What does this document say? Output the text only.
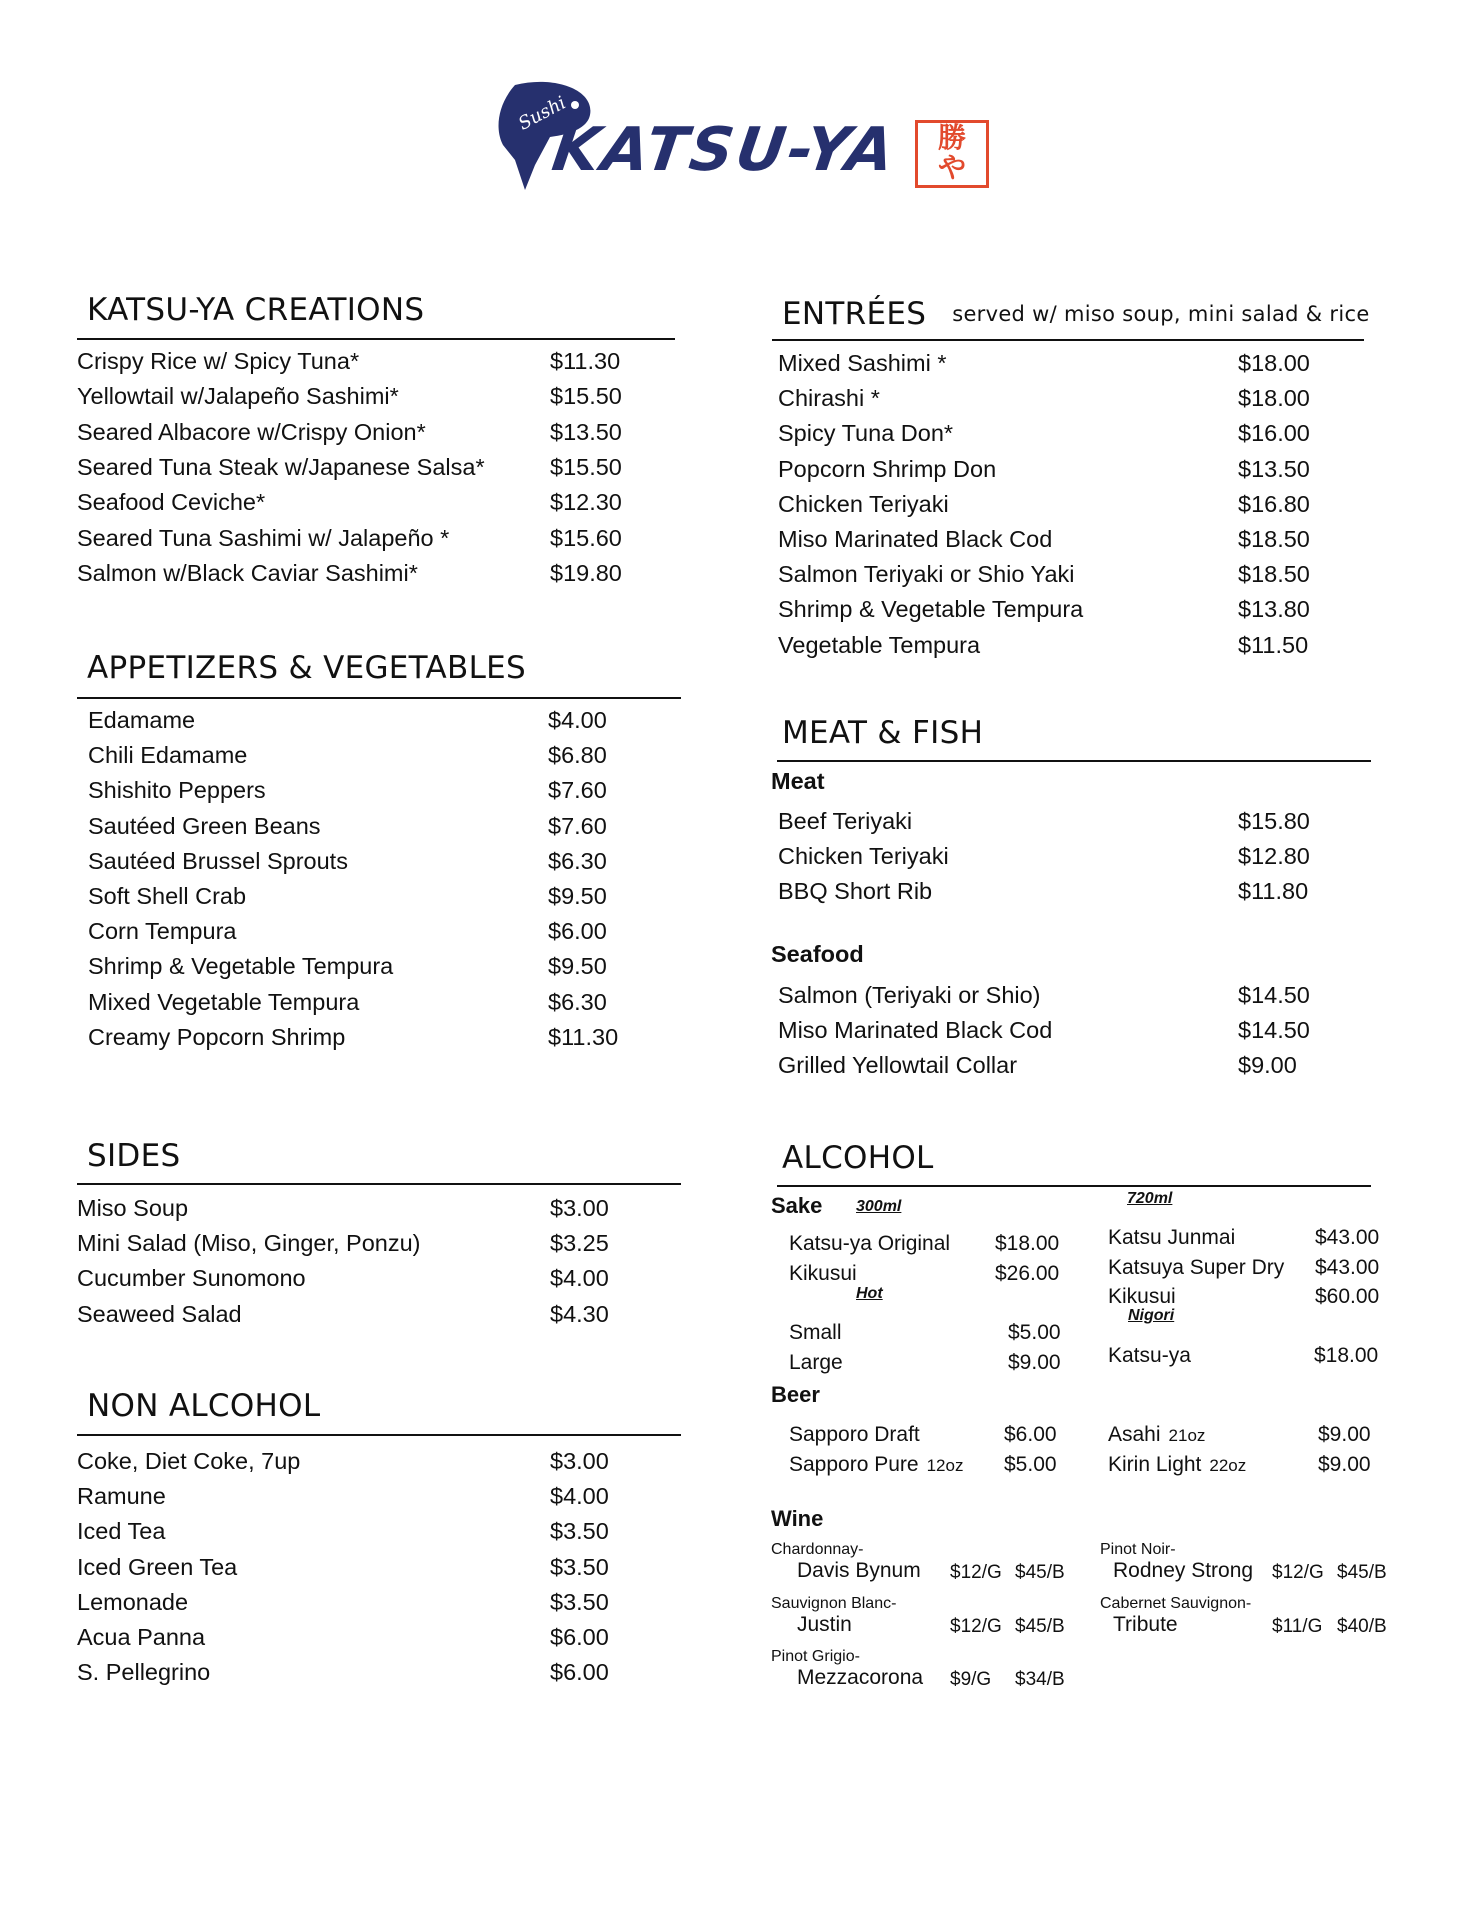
Sushi
KATSU-YA	勝
や
KATSU-YA CREATIONS
Crispy Rice w/ Spicy Tuna*	$11.30
Yellowtail w/Jalapeño Sashimi*	$15.50
Seared Albacore w/Crispy Onion*	$13.50
Seared Tuna Steak w/Japanese Salsa*	$15.50
Seafood Ceviche*	$12.30
Seared Tuna Sashimi w/ Jalapeño *	$15.60
Salmon w/Black Caviar Sashimi*	$19.80
APPETIZERS & VEGETABLES
Edamame	$4.00
Chili Edamame	$6.80
Shishito Peppers	$7.60
Sautéed Green Beans	$7.60
Sautéed Brussel Sprouts	$6.30
Soft Shell Crab	$9.50
Corn Tempura	$6.00
Shrimp & Vegetable Tempura	$9.50
Mixed Vegetable Tempura	$6.30
Creamy Popcorn Shrimp	$11.30
SIDES
Miso Soup	$3.00
Mini Salad (Miso, Ginger, Ponzu)	$3.25
Cucumber Sunomono	$4.00
Seaweed Salad	$4.30
NON ALCOHOL
Coke, Diet Coke, 7up	$3.00
Ramune	$4.00
Iced Tea	$3.50
Iced Green Tea	$3.50
Lemonade	$3.50
Acua Panna	$6.00
S. Pellegrino	$6.00
ENTRÉES served w/ miso soup, mini salad & rice
Mixed Sashimi *	$18.00
Chirashi *	$18.00
Spicy Tuna Don*	$16.00
Popcorn Shrimp Don	$13.50
Chicken Teriyaki	$16.80
Miso Marinated Black Cod	$18.50
Salmon Teriyaki or Shio Yaki	$18.50
Shrimp & Vegetable Tempura	$13.80
Vegetable Tempura	$11.50
MEAT & FISH
Meat
Beef Teriyaki	$15.80
Chicken Teriyaki	$12.80
BBQ Short Rib	$11.80
Seafood
Salmon (Teriyaki or Shio)	$14.50
Miso Marinated Black Cod	$14.50
Grilled Yellowtail Collar	$9.00
ALCOHOL
Sake 300ml	720ml
Hot
Nigori
Katsu-ya Original $18.00
Kikusui	$26.00
Small	$5.00
Large	$9.00
Katsu Junmai	$43.00
Katsuya Super Dry $43.00
Kikusui	$60.00
Katsu-ya	$18.00
Beer
Sapporo Draft	$6.00
Sapporo Pure 12oz $5.00
Asahi 21oz	$9.00
Kirin Light 22oz	$9.00
Wine
Chardonnay-
Davis Bynum $12/G $45/B
Sauvignon Blanc-
Justin	$12/G $45/B
Pinot Grigio-
Mezzacorona $9/G $34/B
Pinot Noir-
Rodney Strong $12/G $45/B
Cabernet Sauvignon-
Tribute	$11/G $40/B
